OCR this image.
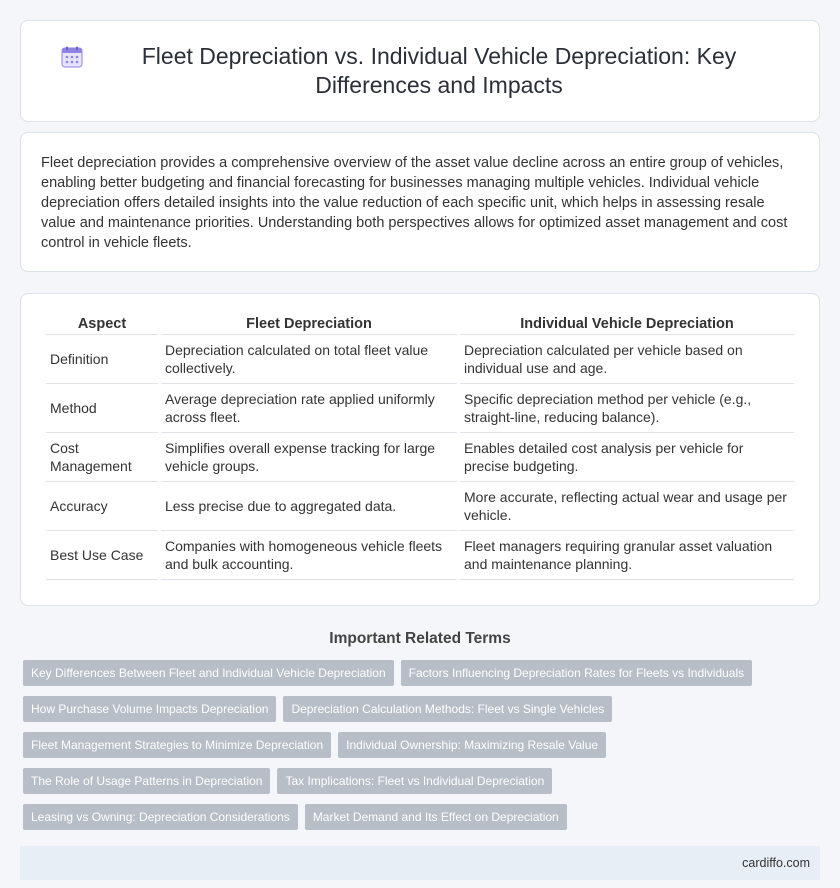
Fleet Depreciation vs. Individual Vehicle Depreciation: Key Differences and Impacts

Fleet depreciation provides a comprehensive overview of the asset value decline across an entire group of vehicles, enabling better budgeting and financial forecasting for businesses managing multiple vehicles. Individual vehicle depreciation offers detailed insights into the value reduction of each specific unit, which helps in assessing resale value and maintenance priorities. Understanding both perspectives allows for optimized asset management and cost control in vehicle fleets.

Aspect	Fleet Depreciation	Individual Vehicle Depreciation
Definition	Depreciation calculated on total fleet value collectively.	Depreciation calculated per vehicle based on individual use and age.
Method	Average depreciation rate applied uniformly across fleet.	Specific depreciation method per vehicle (e.g., straight-line, reducing balance).
Cost Management	Simplifies overall expense tracking for large vehicle groups.	Enables detailed cost analysis per vehicle for precise budgeting.
Accuracy	Less precise due to aggregated data.	More accurate, reflecting actual wear and usage per vehicle.
Best Use Case	Companies with homogeneous vehicle fleets and bulk accounting.	Fleet managers requiring granular asset valuation and maintenance planning.
Important Related Terms
Key Differences Between Fleet and Individual Vehicle Depreciation	Factors Influencing Depreciation Rates for Fleets vs Individuals
How Purchase Volume Impacts Depreciation	Depreciation Calculation Methods: Fleet vs Single Vehicles
Fleet Management Strategies to Minimize Depreciation	Individual Ownership: Maximizing Resale Value
The Role of Usage Patterns in Depreciation	Tax Implications: Fleet vs Individual Depreciation
Leasing vs Owning: Depreciation Considerations	Market Demand and Its Effect on Depreciation
cardiffo.com
